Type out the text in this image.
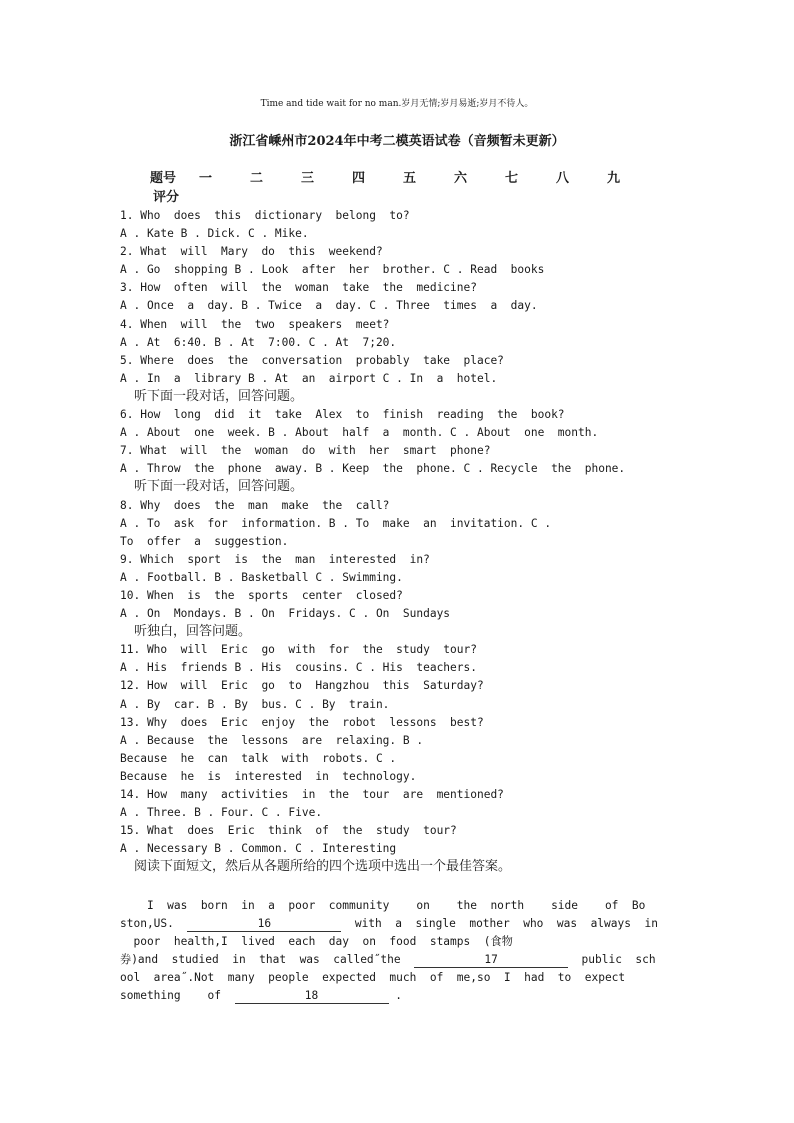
Time and tide wait for no man.岁月无情;岁月易逝;岁月不待人。
浙江省嵊州市2024年中考二模英语试卷（音频暂未更新）
题号	一	二	三	四	五	六	七	八	九
评分
1. Who  does  this  dictionary  belong  to?
A . Kate B . Dick. C . Mike.
2. What  will  Mary  do  this  weekend?
A . Go  shopping B . Look  after  her  brother. C . Read  books
3. How  often  will  the  woman  take  the  medicine?
A . Once  a  day. B . Twice  a  day. C . Three  times  a  day.
4. When  will  the  two  speakers  meet?
A . At  6:40. B . At  7:00. C . At  7;20.
5. Where  does  the  conversation  probably  take  place?
A . In  a  library B . At  an  airport C . In  a  hotel.
听下面一段对话，回答问题。
6. How  long  did  it  take  Alex  to  finish  reading  the  book?
A . About  one  week. B . About  half  a  month. C . About  one  month.
7. What  will  the  woman  do  with  her  smart  phone?
A . Throw  the  phone  away. B . Keep  the  phone. C . Recycle  the  phone.
听下面一段对话，回答问题。
8. Why  does  the  man  make  the  call?
A . To  ask  for  information. B . To  make  an  invitation. C .
To  offer  a  suggestion.
9. Which  sport  is  the  man  interested  in?
A . Football. B . Basketball C . Swimming.
10. When  is  the  sports  center  closed?
A . On  Mondays. B . On  Fridays. C . On  Sundays
听独白，回答问题。
11. Who  will  Eric  go  with  for  the  study  tour?
A . His  friends B . His  cousins. C . His  teachers.
12. How  will  Eric  go  to  Hangzhou  this  Saturday?
A . By  car. B . By  bus. C . By  train.
13. Why  does  Eric  enjoy  the  robot  lessons  best?
A . Because  the  lessons  are  relaxing. B .
Because  he  can  talk  with  robots. C .
Because  he  is  interested  in  technology.
14. How  many  activities  in  the  tour  are  mentioned?
A . Three. B . Four. C . Five.
15. What  does  Eric  think  of  the  study  tour?
A . Necessary B . Common. C . Interesting
阅读下面短文，然后从各题所给的四个选项中选出一个最佳答案。
I  was  born  in  a  poor  community    on    the  north    side    of  Bo
ston,US.	16	with  a  single  mother  who  was  always  in
poor  health,I  lived  each  day  on  food  stamps  (食物
券)and  studied  in  that  was  called˝the	17	public  sch
ool  area˝.Not  many  people  expected  much  of  me,so  I  had  to  expect
something    of	18	.
